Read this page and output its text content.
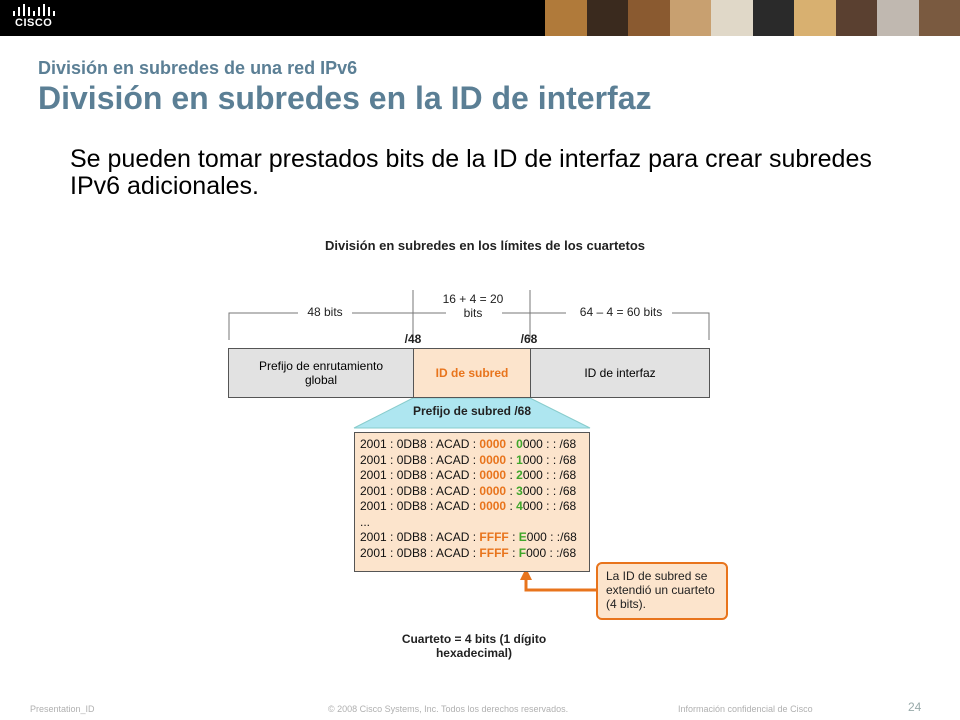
CISCO
División en subredes de una red IPv6
División en subredes en la ID de interfaz
Se pueden tomar prestados bits de la ID de interfaz para crear subredes IPv6 adicionales.
División en subredes en los límites de los cuartetos
48 bits
16 + 4 = 20
bits	64 – 4 = 60 bits
/48	/68
Prefijo de enrutamiento
global	ID de subred	ID de interfaz
Prefijo de subred /68
2001 : 0DB8 : ACAD : 0000 : 0000 : : /68
2001 : 0DB8 : ACAD : 0000 : 1000 : : /68
2001 : 0DB8 : ACAD : 0000 : 2000 : : /68
2001 : 0DB8 : ACAD : 0000 : 3000 : : /68
2001 : 0DB8 : ACAD : 0000 : 4000 : : /68
...
2001 : 0DB8 : ACAD : FFFF : E000 : :/68
2001 : 0DB8 : ACAD : FFFF : F000 : :/68
La ID de subred se
extendió un cuarteto
(4 bits).
Cuarteto = 4 bits (1 dígito
hexadecimal)
Presentation_ID	© 2008 Cisco Systems, Inc. Todos los derechos reservados.	Información confidencial de Cisco	24
